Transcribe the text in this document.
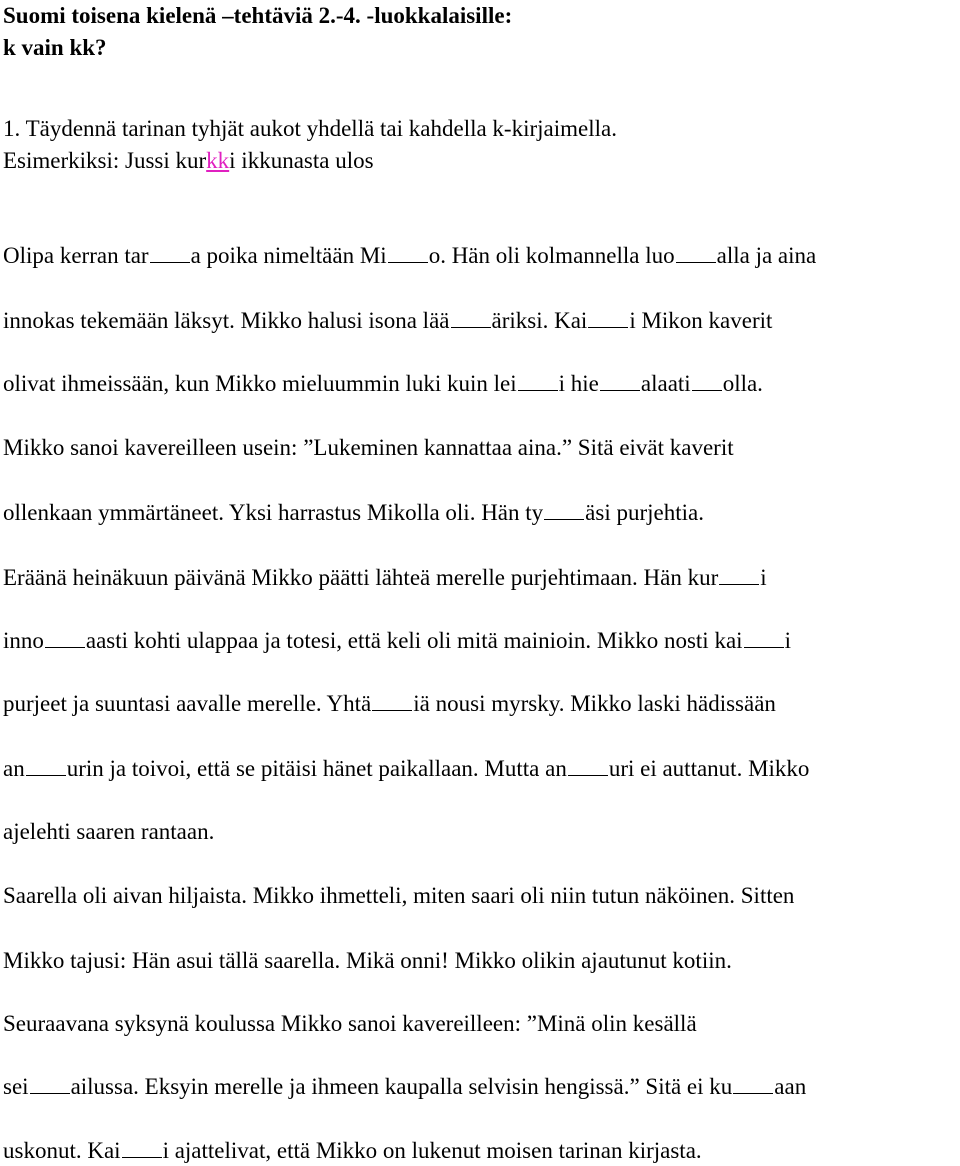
Suomi toisena kielenä –tehtäviä 2.-4. -luokkalaisille:
k vain kk?
1. Täydennä tarinan tyhjät aukot yhdellä tai kahdella k-kirjaimella.
Esimerkiksi: Jussi kurkki ikkunasta ulos
Olipa kerran tar a poika nimeltään Mi o. Hän oli kolmannella luo alla ja aina
innokas tekemään läksyt. Mikko halusi isona lää äriksi. Kai i Mikon kaverit
olivat ihmeissään, kun Mikko mieluummin luki kuin lei i hie alaati olla.
Mikko sanoi kavereilleen usein: ”Lukeminen kannattaa aina.” Sitä eivät kaverit
ollenkaan ymmärtäneet. Yksi harrastus Mikolla oli. Hän ty äsi purjehtia.
Eräänä heinäkuun päivänä Mikko päätti lähteä merelle purjehtimaan. Hän kur i
inno aasti kohti ulappaa ja totesi, että keli oli mitä mainioin. Mikko nosti kai i
purjeet ja suuntasi aavalle merelle. Yhtä iä nousi myrsky. Mikko laski hädissään
an urin ja toivoi, että se pitäisi hänet paikallaan. Mutta an uri ei auttanut. Mikko
ajelehti saaren rantaan.
Saarella oli aivan hiljaista. Mikko ihmetteli, miten saari oli niin tutun näköinen. Sitten
Mikko tajusi: Hän asui tällä saarella. Mikä onni! Mikko olikin ajautunut kotiin.
Seuraavana syksynä koulussa Mikko sanoi kavereilleen: ”Minä olin kesällä
sei ailussa. Eksyin merelle ja ihmeen kaupalla selvisin hengissä.” Sitä ei ku aan
uskonut. Kai i ajattelivat, että Mikko on lukenut moisen tarinan kirjasta.
